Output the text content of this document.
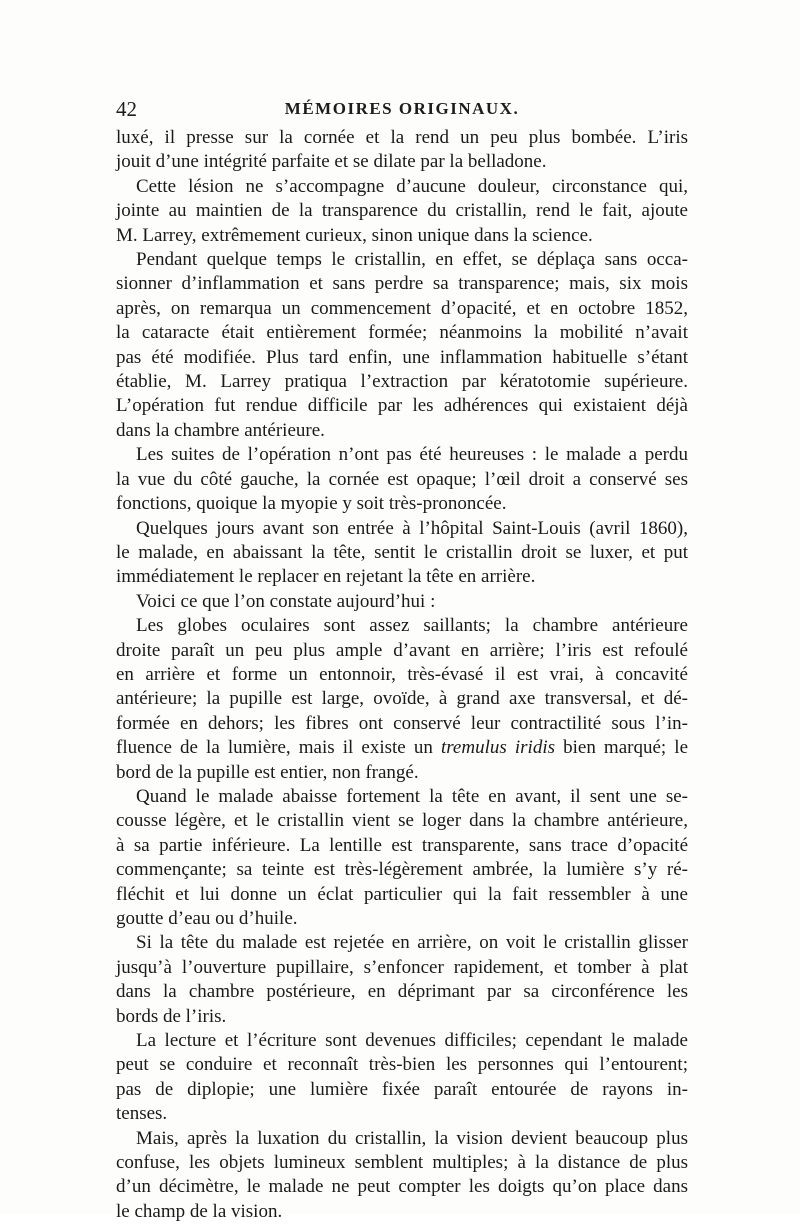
42	MÉMOIRES ORIGINAUX.
luxé, il presse sur la cornée et la rend un peu plus bombée. L’iris
jouit d’une intégrité parfaite et se dilate par la belladone.
Cette lésion ne s’accompagne d’aucune douleur, circonstance qui,
jointe au maintien de la transparence du cristallin, rend le fait, ajoute
M. Larrey, extrêmement curieux, sinon unique dans la science.
Pendant quelque temps le cristallin, en effet, se déplaça sans occa-
sionner d’inflammation et sans perdre sa transparence; mais, six mois
après, on remarqua un commencement d’opacité, et en octobre 1852,
la cataracte était entièrement formée; néanmoins la mobilité n’avait
pas été modifiée. Plus tard enfin, une inflammation habituelle s’étant
établie, M. Larrey pratiqua l’extraction par kératotomie supérieure.
L’opération fut rendue difficile par les adhérences qui existaient déjà
dans la chambre antérieure.
Les suites de l’opération n’ont pas été heureuses : le malade a perdu
la vue du côté gauche, la cornée est opaque; l’œil droit a conservé ses
fonctions, quoique la myopie y soit très-prononcée.
Quelques jours avant son entrée à l’hôpital Saint-Louis (avril 1860),
le malade, en abaissant la tête, sentit le cristallin droit se luxer, et put
immédiatement le replacer en rejetant la tête en arrière.
Voici ce que l’on constate aujourd’hui :
Les globes oculaires sont assez saillants; la chambre antérieure
droite paraît un peu plus ample d’avant en arrière; l’iris est refoulé
en arrière et forme un entonnoir, très-évasé il est vrai, à concavité
antérieure; la pupille est large, ovoïde, à grand axe transversal, et dé-
formée en dehors; les fibres ont conservé leur contractilité sous l’in-
fluence de la lumière, mais il existe un tremulus iridis bien marqué; le
bord de la pupille est entier, non frangé.
Quand le malade abaisse fortement la tête en avant, il sent une se-
cousse légère, et le cristallin vient se loger dans la chambre antérieure,
à sa partie inférieure. La lentille est transparente, sans trace d’opacité
commençante; sa teinte est très-légèrement ambrée, la lumière s’y ré-
fléchit et lui donne un éclat particulier qui la fait ressembler à une
goutte d’eau ou d’huile.
Si la tête du malade est rejetée en arrière, on voit le cristallin glisser
jusqu’à l’ouverture pupillaire, s’enfoncer rapidement, et tomber à plat
dans la chambre postérieure, en déprimant par sa circonférence les
bords de l’iris.
La lecture et l’écriture sont devenues difficiles; cependant le malade
peut se conduire et reconnaît très-bien les personnes qui l’entourent;
pas de diplopie; une lumière fixée paraît entourée de rayons in-
tenses.
Mais, après la luxation du cristallin, la vision devient beaucoup plus
confuse, les objets lumineux semblent multiples; à la distance de plus
d’un décimètre, le malade ne peut compter les doigts qu’on place dans
le champ de la vision.
